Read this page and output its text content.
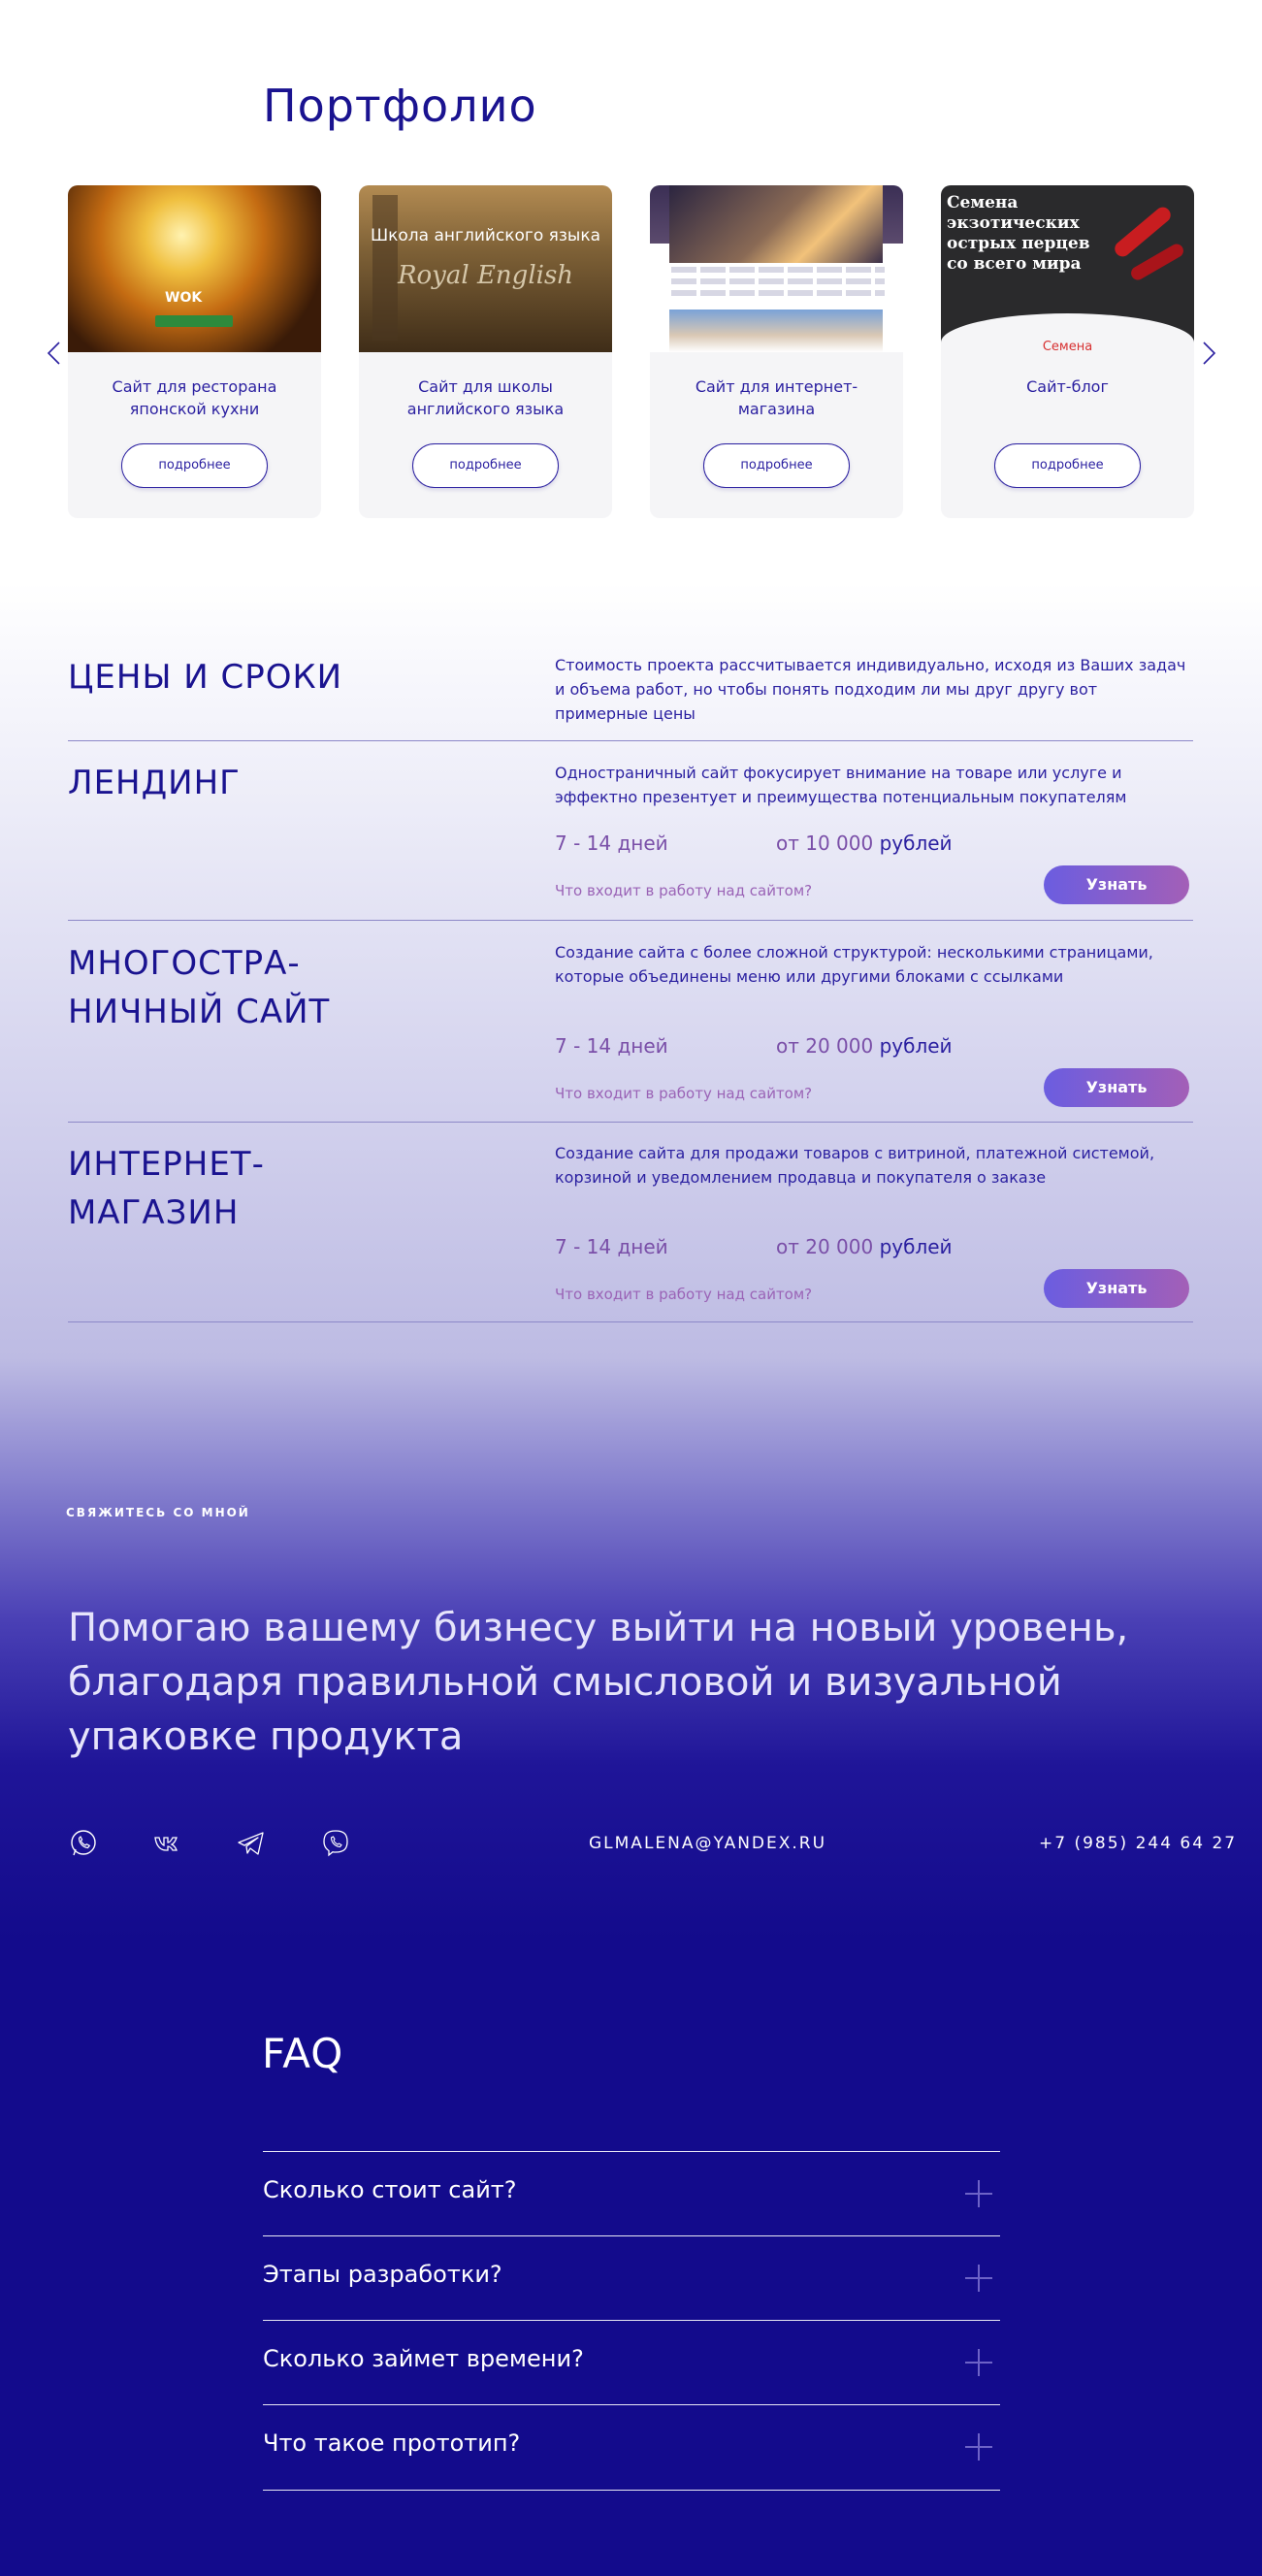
Портфолио
WOK
Сайт для ресторана японской кухни
подробнее
Школа английского языка
Royal English
Сайт для школы английского языка
подробнее
Сайт для интернет-магазина
подробнее
Семена экзотических острых перцев со всего мира
Семена
Сайт-блог
подробнее
ЦЕНЫ И СРОКИ	Стоимость проекта рассчитывается индивидуально, исходя из Ваших задач и объема работ, но чтобы понять подходим ли мы друг другу вот примерные цены
ЛЕНДИНГ	Одностраничный сайт фокусирует внимание на товаре или услуге и эффектно презентует и преимущества потенциальным покупателям
7 - 14 дней	от 10 000 рублей
Что входит в работу над сайтом?	Узнать
МНОГОСТРА-
НИЧНЫЙ САЙТ
Создание сайта с более сложной структурой: несколькими страницами, которые объединены меню или другими блоками с ссылками
7 - 14 дней	от 20 000 рублей
Что входит в работу над сайтом?	Узнать
ИНТЕРНЕТ-
МАГАЗИН
Создание сайта для продажи товаров с витриной, платежной системой, корзиной и уведомлением продавца и покупателя о заказе
7 - 14 дней	от 20 000 рублей
Что входит в работу над сайтом?	Узнать
СВЯЖИТЕСЬ СО МНОЙ
Помогаю вашему бизнесу выйти на новый уровень, благодаря правильной смысловой и визуальной упаковке продукта
GLMALENA@YANDEX.RU	+7 (985) 244 64 27
FAQ
Сколько стоит сайт?
Этапы разработки?
Сколько займет времени?
Что такое прототип?
